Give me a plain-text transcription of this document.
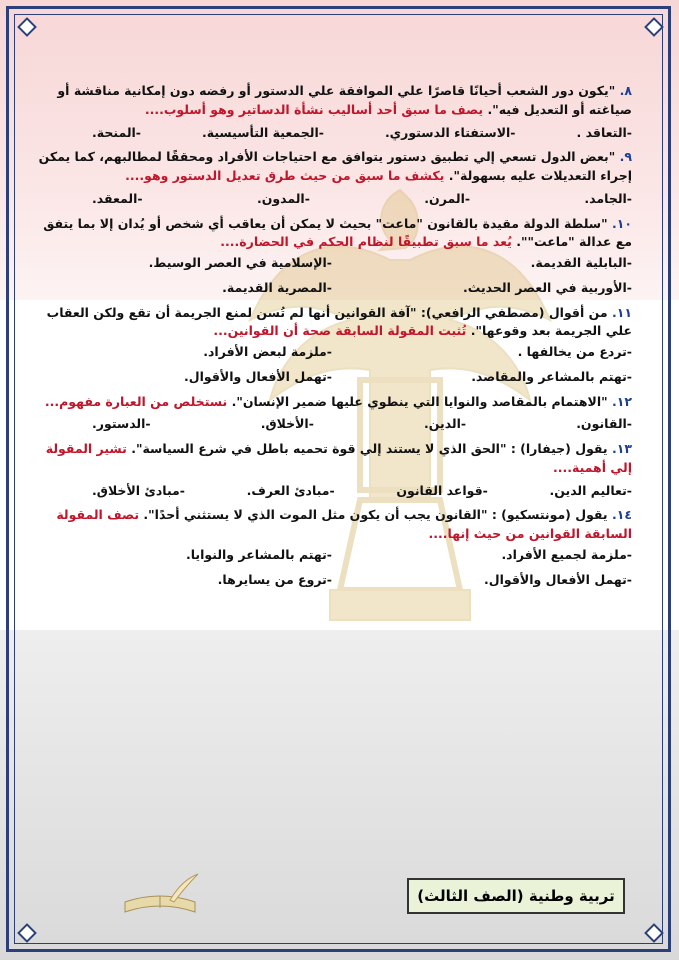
٨. "يكون دور الشعب أحيانًا قاصرًا علي الموافقة علي الدستور أو رفضه دون إمكانية مناقشة أو صياغته أو التعديل فيه". يصف ما سبق أحد أساليب نشأة الدساتير وهو أسلوب....

-التعاقد .
-الاستفتاء الدستوري.
-الجمعية التأسيسية.
-المنحة.

٩. "بعض الدول تسعي إلي تطبيق دستور يتوافق مع احتياجات الأفراد ومحققًا لمطالبهم، كما يمكن إجراء التعديلات عليه بسهولة". يكشف ما سبق من حيث طرق تعديل الدستور وهو....

-الجامد.
-المرن.
-المدون.
-المعقد.

١٠. "سلطة الدولة مقيدة بالقانون "ماعت" بحيث لا يمكن أن يعاقب أي شخص أو يُدان إلا بما يتفق مع عدالة "ماعت"". يُعد ما سبق تطبيقًا لنظام الحكم في الحضارة....

-البابلية القديمة.
-الإسلامية في العصر الوسيط.
-الأوربية في العصر الحديث.
-المصرية القديمة.

١١. من أقوال (مصطفي الرافعي): "آفة القوانين أنها لم تُسن لمنع الجريمة أن تقع ولكن العقاب علي الجريمة بعد وقوعها". تُثبت المقولة السابقة صحة أن القوانين...

-تردع من يخالفها .
-ملزمة لبعض الأفراد.
-تهتم بالمشاعر والمقاصد.
-تهمل الأفعال والأقوال.

١٢. "الاهتمام بالمقاصد والنوايا التي ينطوي عليها ضمير الإنسان". نستخلص من العبارة مفهوم...

-القانون.
-الدين.
-الأخلاق.
-الدستور.

١٣. يقول (جيفارا) : "الحق الذي لا يستند إلي قوة تحميه باطل في شرع السياسة". تشير المقولة إلي أهمية....

-تعاليم الدين.
-قواعد القانون
-مبادئ العرف.
-مبادئ الأخلاق.

١٤. يقول (مونتسكيو) : "القانون يجب أن يكون مثل الموت الذي لا يستثني أحدًا". تصف المقولة السابقة القوانين من حيث إنها....

-ملزمة لجميع الأفراد.
-تهتم بالمشاعر والنوايا.
-تهمل الأفعال والأقوال.
-تروع من يسايرها.
تربية وطنية (الصف الثالث)
